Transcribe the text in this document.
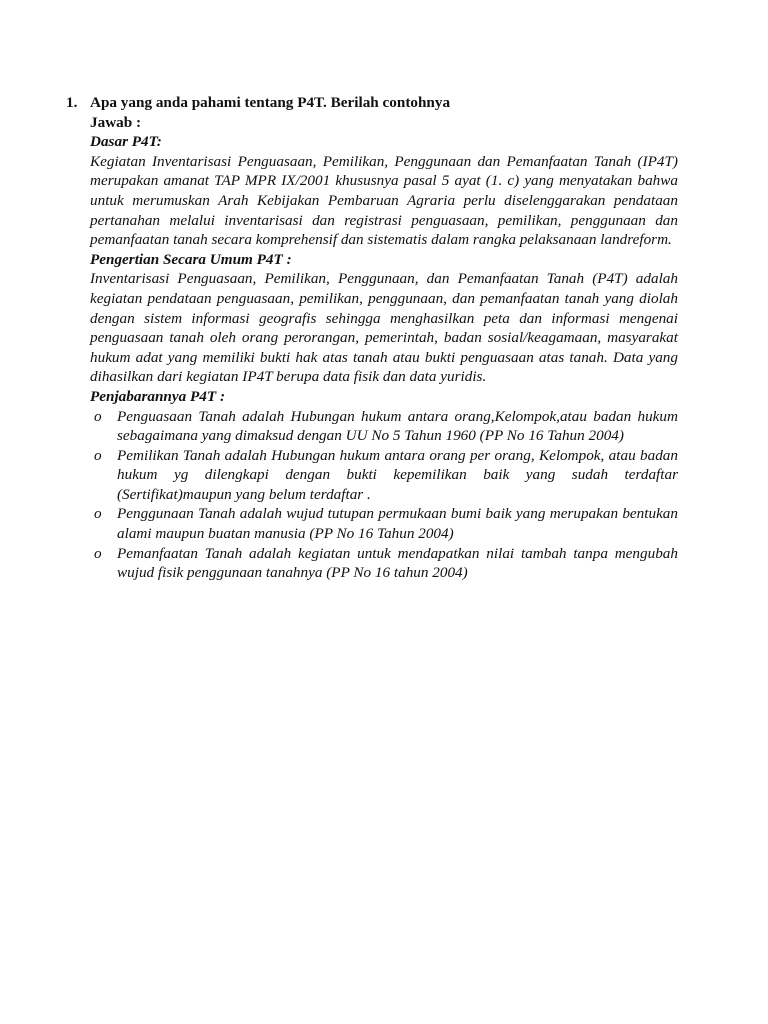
1. Apa yang anda pahami tentang P4T. Berilah contohnya
Jawab :
Dasar P4T:

Kegiatan Inventarisasi Penguasaan, Pemilikan, Penggunaan dan Pemanfaatan Tanah (IP4T) merupakan amanat TAP MPR IX/2001 khususnya pasal 5 ayat (1. c) yang menyatakan bahwa untuk merumuskan Arah Kebijakan Pembaruan Agraria perlu diselenggarakan pendataan pertanahan melalui inventarisasi dan registrasi penguasaan, pemilikan, penggunaan dan pemanfaatan tanah secara komprehensif dan sistematis dalam rangka pelaksanaan landreform.

Pengertian Secara Umum P4T :

Inventarisasi Penguasaan, Pemilikan, Penggunaan, dan Pemanfaatan Tanah (P4T) adalah kegiatan pendataan penguasaan, pemilikan, penggunaan, dan pemanfaatan tanah yang diolah dengan sistem informasi geografis sehingga menghasilkan peta dan informasi mengenai penguasaan tanah oleh orang perorangan, pemerintah, badan sosial/keagamaan, masyarakat hukum adat yang memiliki bukti hak atas tanah atau bukti penguasaan atas tanah. Data yang dihasilkan dari kegiatan IP4T berupa data fisik dan data yuridis.

Penjabarannya P4T :
o Penguasaan Tanah adalah Hubungan hukum antara orang,Kelompok,atau badan hukum sebagaimana yang dimaksud dengan UU No 5 Tahun 1960 (PP No 16 Tahun 2004)
o Pemilikan Tanah adalah Hubungan hukum antara orang per orang, Kelompok, atau badan hukum yg dilengkapi dengan bukti kepemilikan baik yang sudah terdaftar (Sertifikat)maupun yang belum terdaftar .
o Penggunaan Tanah adalah wujud tutupan permukaan bumi baik yang merupakan bentukan alami maupun buatan manusia (PP No 16 Tahun 2004)
o Pemanfaatan Tanah adalah kegiatan untuk mendapatkan nilai tambah tanpa mengubah wujud fisik penggunaan tanahnya (PP No 16 tahun 2004)
